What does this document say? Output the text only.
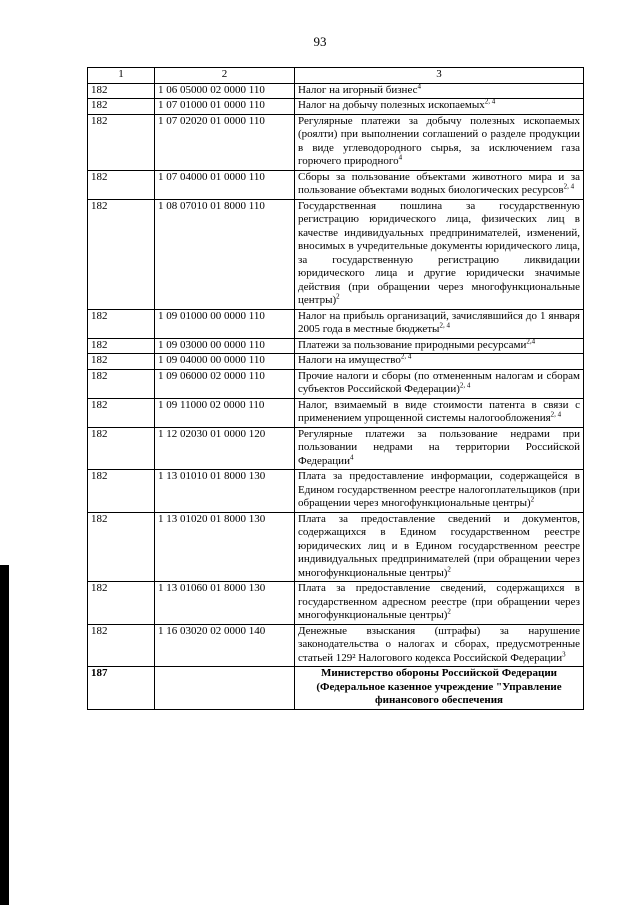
93
1	2	3
182	1 06 05000 02 0000 110	Налог на игорный бизнес$^4$
182	1 07 01000 01 0000 110	Налог на добычу полезных ископаемых$^{2, 4}$
182	1 07 02020 01 0000 110	Регулярные платежи за добычу полезных ископаемых (роялти) при выполнении соглашений о разделе продукции в виде углеводородного сырья, за исключением газа горючего природного$^4$
182	1 07 04000 01 0000 110	Сборы за пользование объектами животного мира и за пользование объектами водных биологических ресурсов$^{2, 4}$
182	1 08 07010 01 8000 110	Государственная пошлина за государственную регистрацию юридического лица, физических лиц в качестве индивидуальных предпринимателей, изменений, вносимых в учредительные документы юридического лица, за государственную регистрацию ликвидации юридического лица и другие юридически значимые действия (при обращении через многофункциональные центры)$^2$
182	1 09 01000 00 0000 110	Налог на прибыль организаций, зачислявшийся до 1 января 2005 года в местные бюджеты$^{2, 4}$
182	1 09 03000 00 0000 110	Платежи за пользование природными ресурсами$^{2,4}$
182	1 09 04000 00 0000 110	Налоги на имущество$^{2, 4}$
182	1 09 06000 02 0000 110	Прочие налоги и сборы (по отмененным налогам и сборам субъектов Российской Федерации)$^{2, 4}$
182	1 09 11000 02 0000 110	Налог, взимаемый в виде стоимости патента в связи с применением упрощенной системы налогообложения$^{2, 4}$
182	1 12 02030 01 0000 120	Регулярные платежи за пользование недрами при пользовании недрами на территории Российской Федерации$^4$
182	1 13 01010 01 8000 130	Плата за предоставление информации, содержащейся в Едином государственном реестре налогоплательщиков (при обращении через многофункциональные центры)$^2$
182	1 13 01020 01 8000 130	Плата за предоставление сведений и документов, содержащихся в Едином государственном реестре юридических лиц и в Едином государственном реестре индивидуальных предпринимателей (при обращении через многофункциональные центры)$^2$
182	1 13 01060 01 8000 130	Плата за предоставление сведений, содержащихся в государственном адресном реестре (при обращении через многофункциональные центры)$^2$
182	1 16 03020 02 0000 140	Денежные взыскания (штрафы) за нарушение законодательства о налогах и сборах, предусмотренные статьей 129² Налогового кодекса Российской Федерации$^3$
187		Министерство обороны Российской Федерации (Федеральное казенное учреждение "Управление финансового обеспечения
